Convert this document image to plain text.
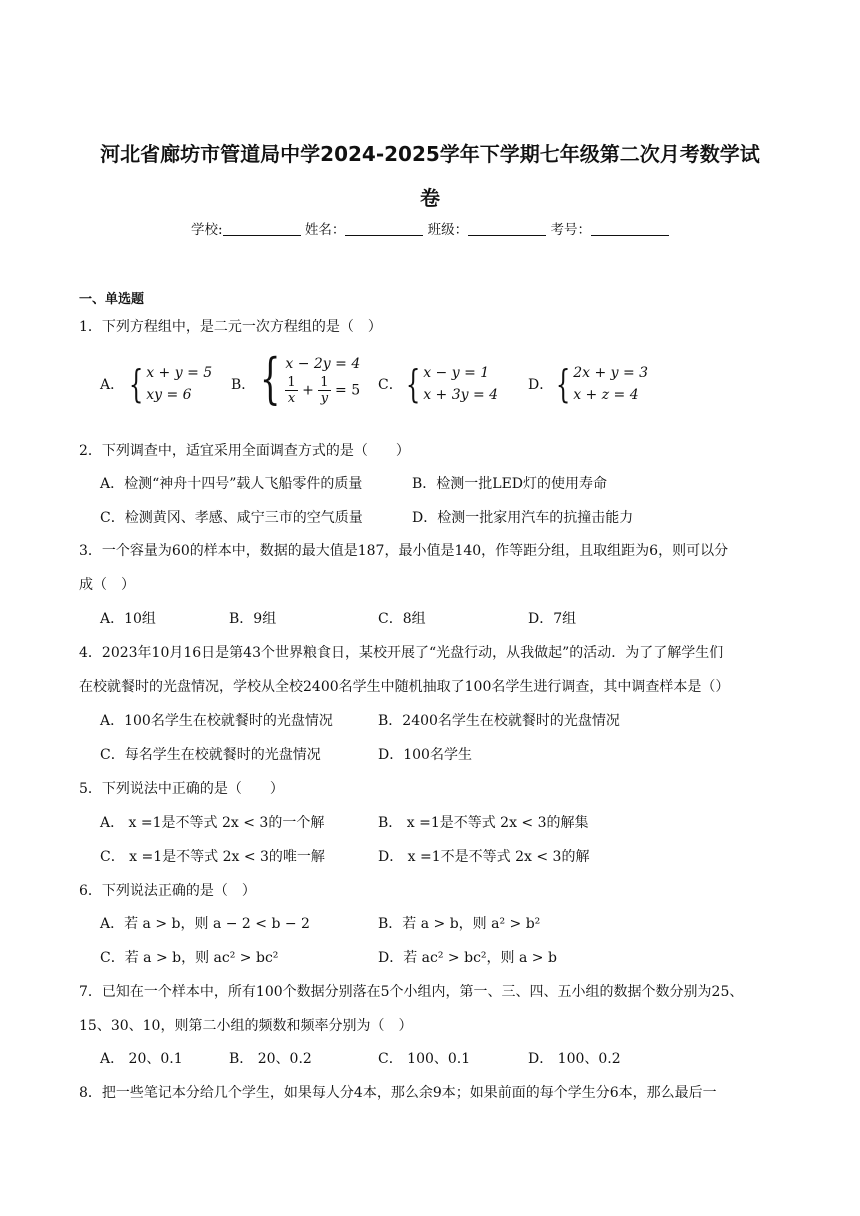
河北省廊坊市管道局中学2024-2025学年下学期七年级第二次月考数学试
卷
学校:	姓名：	班级：	考号：
一、单选题
1．下列方程组中，是二元一次方程组的是（　）
A． { x + y = 5
xy = 6
B． { x − 2y = 4
$\frac{1}{x} + \frac{1}{y} = 5$ C． { x − y = 1
x + 3y = 4
D． { 2x + y = 3
x + z = 4
2．下列调查中，适宜采用全面调查方式的是（　　）
A．检测“神舟十四号”载人飞船零件的质量	B．检测一批LED灯的使用寿命
C．检测黄冈、孝感、咸宁三市的空气质量	D．检测一批家用汽车的抗撞击能力
3．一个容量为60的样本中，数据的最大值是187，最小值是140，作等距分组，且取组距为6，则可以分
成（　）
A．10组	B．9组	C．8组	D．7组
4．2023年10月16日是第43个世界粮食日，某校开展了“光盘行动，从我做起”的活动．为了了解学生们
在校就餐时的光盘情况，学校从全校2400名学生中随机抽取了100名学生进行调查，其中调查样本是（）
A．100名学生在校就餐时的光盘情况	B．2400名学生在校就餐时的光盘情况
C．每名学生在校就餐时的光盘情况	D．100名学生
5．下列说法中正确的是（　　）
A． x =1是不等式 2x < 3的一个解	B． x =1是不等式 2x < 3的解集
C． x =1是不等式 2x < 3的唯一解	D． x =1不是不等式 2x < 3的解
6．下列说法正确的是（　）
A．若 a > b，则 a − 2 < b − 2	B．若 a > b，则 a² > b²
C．若 a > b，则 ac² > bc²	D．若 ac² > bc²，则 a > b
7．已知在一个样本中，所有100个数据分别落在5个小组内，第一、三、四、五小组的数据个数分别为25、
15、30、10，则第二小组的频数和频率分别为（　）
A． 20、0.1	B． 20、0.2	C． 100、0.1	D． 100、0.2
8．把一些笔记本分给几个学生，如果每人分4本，那么余9本；如果前面的每个学生分6本，那么最后一
